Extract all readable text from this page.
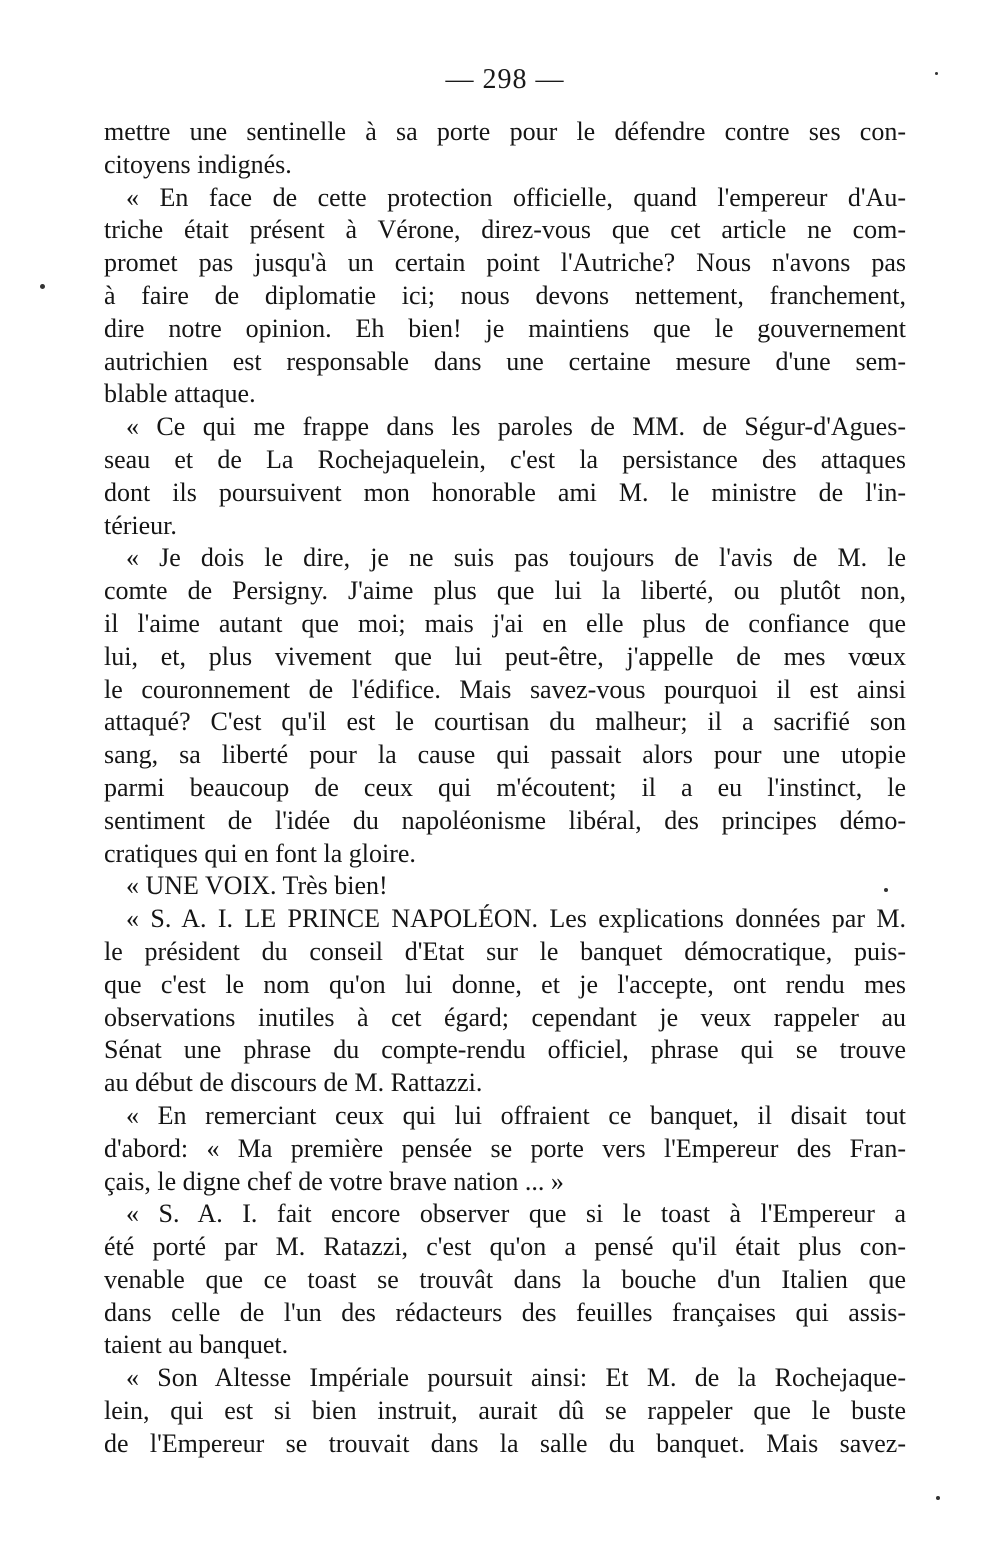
— 298 —
mettre une sentinelle à sa porte pour le défendre contre ses con-
citoyens indignés.
« En face de cette protection officielle, quand l'empereur d'Au-
triche était présent à Vérone, direz-vous que cet article ne com-
promet pas jusqu'à un certain point l'Autriche? Nous n'avons pas
à faire de diplomatie ici; nous devons nettement, franchement,
dire notre opinion. Eh bien! je maintiens que le gouvernement
autrichien est responsable dans une certaine mesure d'une sem-
blable attaque.
« Ce qui me frappe dans les paroles de MM. de Ségur-d'Agues-
seau et de La Rochejaquelein, c'est la persistance des attaques
dont ils poursuivent mon honorable ami M. le ministre de l'in-
térieur.
« Je dois le dire, je ne suis pas toujours de l'avis de M. le
comte de Persigny. J'aime plus que lui la liberté, ou plutôt non,
il l'aime autant que moi; mais j'ai en elle plus de confiance que
lui, et, plus vivement que lui peut-être, j'appelle de mes vœux
le couronnement de l'édifice. Mais savez-vous pourquoi il est ainsi
attaqué? C'est qu'il est le courtisan du malheur; il a sacrifié son
sang, sa liberté pour la cause qui passait alors pour une utopie
parmi beaucoup de ceux qui m'écoutent; il a eu l'instinct, le
sentiment de l'idée du napoléonisme libéral, des principes démo-
cratiques qui en font la gloire.
« UNE VOIX. Très bien!
« S. A. I. LE PRINCE NAPOLÉON. Les explications données par M.
le président du conseil d'Etat sur le banquet démocratique, puis-
que c'est le nom qu'on lui donne, et je l'accepte, ont rendu mes
observations inutiles à cet égard; cependant je veux rappeler au
Sénat une phrase du compte-rendu officiel, phrase qui se trouve
au début de discours de M. Rattazzi.
« En remerciant ceux qui lui offraient ce banquet, il disait tout
d'abord: « Ma première pensée se porte vers l'Empereur des Fran-
çais, le digne chef de votre brave nation ... »
« S. A. I. fait encore observer que si le toast à l'Empereur a
été porté par M. Ratazzi, c'est qu'on a pensé qu'il était plus con-
venable que ce toast se trouvât dans la bouche d'un Italien que
dans celle de l'un des rédacteurs des feuilles françaises qui assis-
taient au banquet.
« Son Altesse Impériale poursuit ainsi: Et M. de la Rochejaque-
lein, qui est si bien instruit, aurait dû se rappeler que le buste
de l'Empereur se trouvait dans la salle du banquet. Mais savez-
